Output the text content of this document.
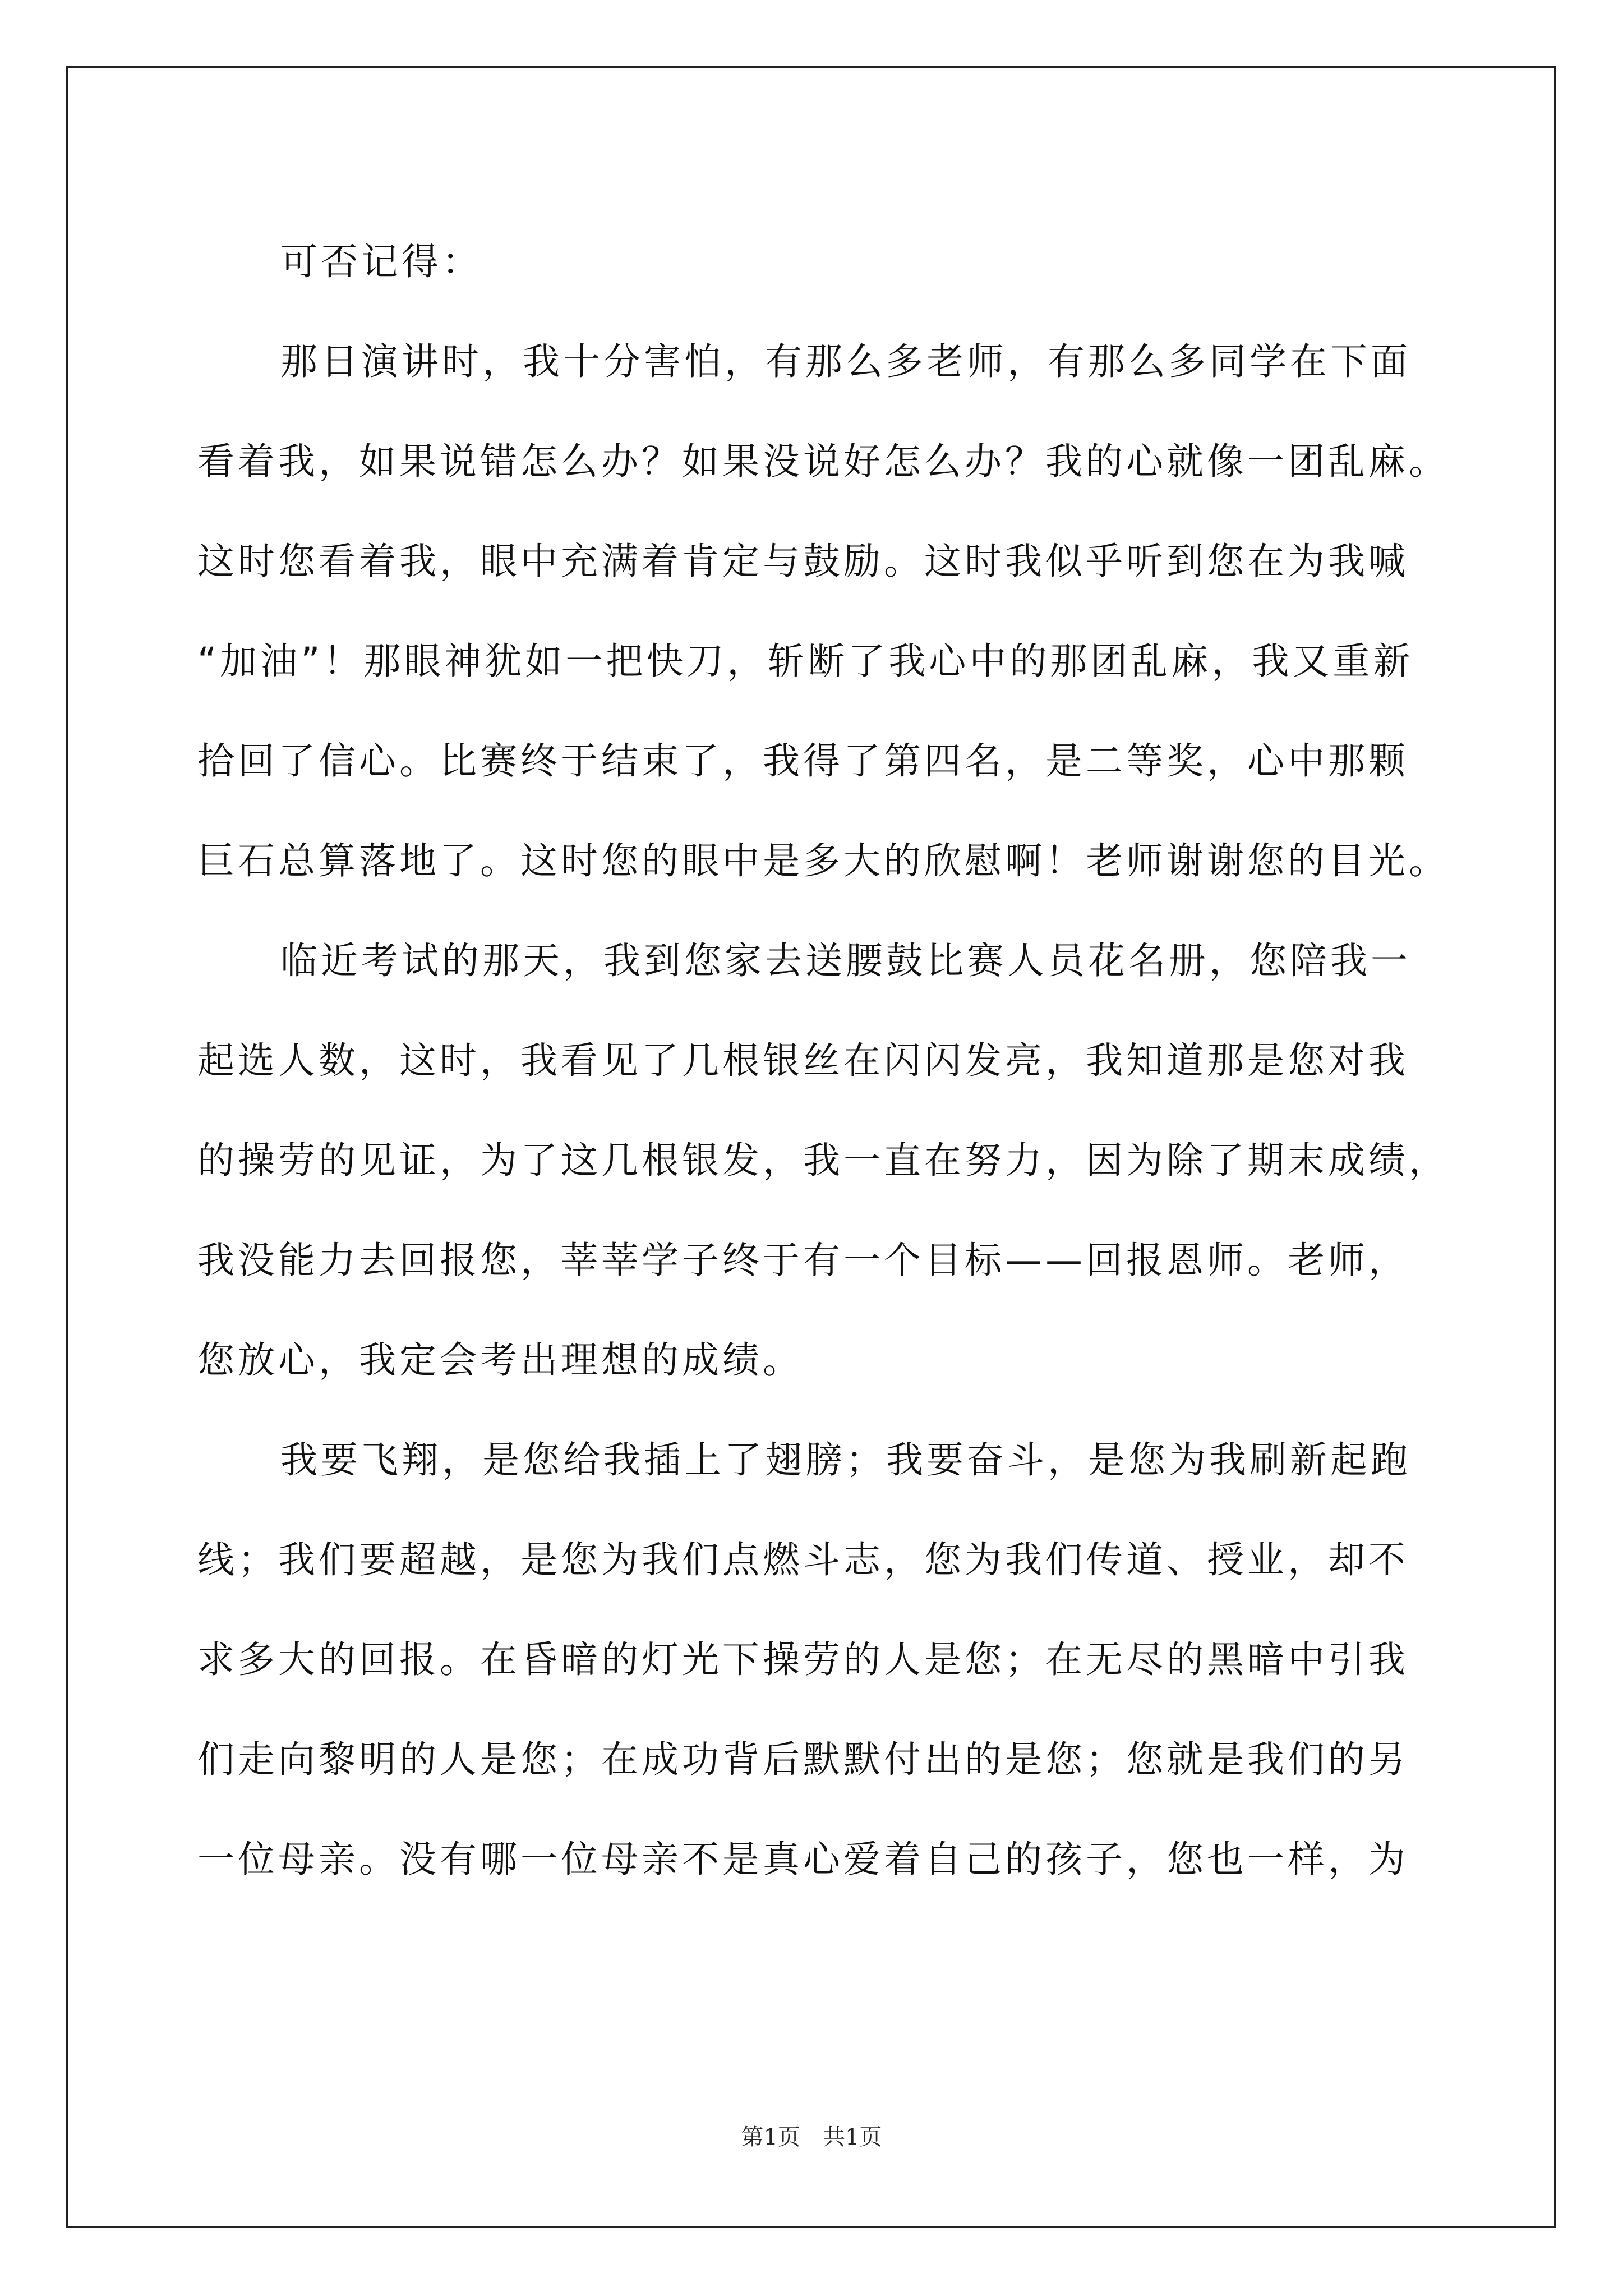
可否记得：
那日演讲时，我十分害怕，有那么多老师，有那么多同学在下面
看着我，如果说错怎么办？如果没说好怎么办？我的心就像一团乱麻。
这时您看着我，眼中充满着肯定与鼓励。这时我似乎听到您在为我喊
“加油”！那眼神犹如一把快刀，斩断了我心中的那团乱麻，我又重新
拾回了信心。比赛终于结束了，我得了第四名，是二等奖，心中那颗
巨石总算落地了。这时您的眼中是多大的欣慰啊！老师谢谢您的目光。
临近考试的那天，我到您家去送腰鼓比赛人员花名册，您陪我一
起选人数，这时，我看见了几根银丝在闪闪发亮，我知道那是您对我
的操劳的见证，为了这几根银发，我一直在努力，因为除了期末成绩，
我没能力去回报您，莘莘学子终于有一个目标——回报恩师。老师，
您放心，我定会考出理想的成绩。
我要飞翔，是您给我插上了翅膀；我要奋斗，是您为我刷新起跑
线；我们要超越，是您为我们点燃斗志，您为我们传道、授业，却不
求多大的回报。在昏暗的灯光下操劳的人是您；在无尽的黑暗中引我
们走向黎明的人是您；在成功背后默默付出的是您；您就是我们的另
一位母亲。没有哪一位母亲不是真心爱着自己的孩子，您也一样，为
第1页 共1页
